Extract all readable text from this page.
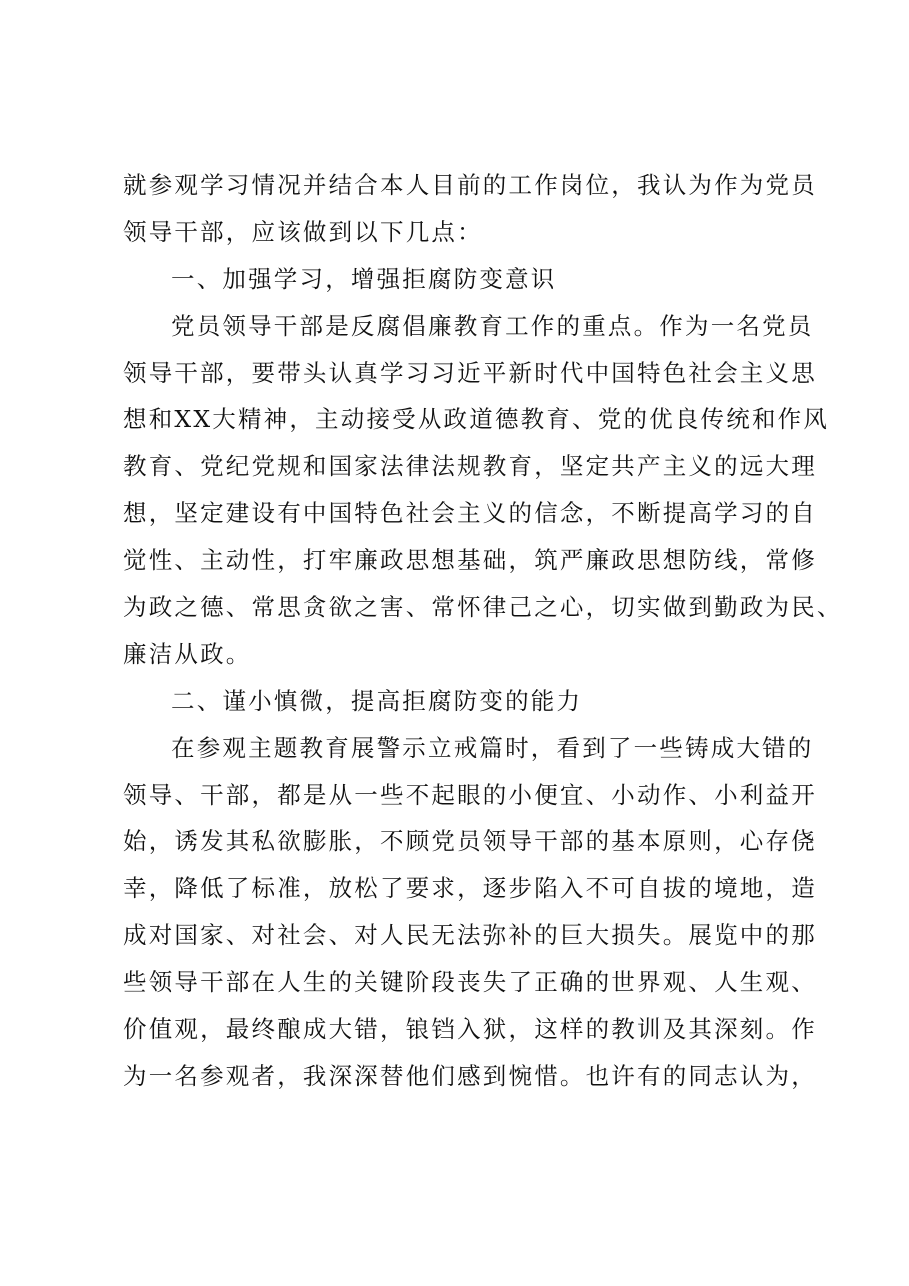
就参观学习情况并结合本人目前的工作岗位，我认为作为党员
领导干部，应该做到以下几点：
一、加强学习，增强拒腐防变意识
党员领导干部是反腐倡廉教育工作的重点。作为一名党员
领导干部，要带头认真学习习近平新时代中国特色社会主义思
想和XX大精神，主动接受从政道德教育、党的优良传统和作风
教育、党纪党规和国家法律法规教育，坚定共产主义的远大理
想，坚定建设有中国特色社会主义的信念，不断提高学习的自
觉性、主动性，打牢廉政思想基础，筑严廉政思想防线，常修
为政之德、常思贪欲之害、常怀律己之心，切实做到勤政为民、
廉洁从政。
二、谨小慎微，提高拒腐防变的能力
在参观主题教育展警示立戒篇时，看到了一些铸成大错的
领导、干部，都是从一些不起眼的小便宜、小动作、小利益开
始，诱发其私欲膨胀，不顾党员领导干部的基本原则，心存侥
幸，降低了标准，放松了要求，逐步陷入不可自拔的境地，造
成对国家、对社会、对人民无法弥补的巨大损失。展览中的那
些领导干部在人生的关键阶段丧失了正确的世界观、人生观、
价值观，最终酿成大错，锒铛入狱，这样的教训及其深刻。作
为一名参观者，我深深替他们感到惋惜。也许有的同志认为，
